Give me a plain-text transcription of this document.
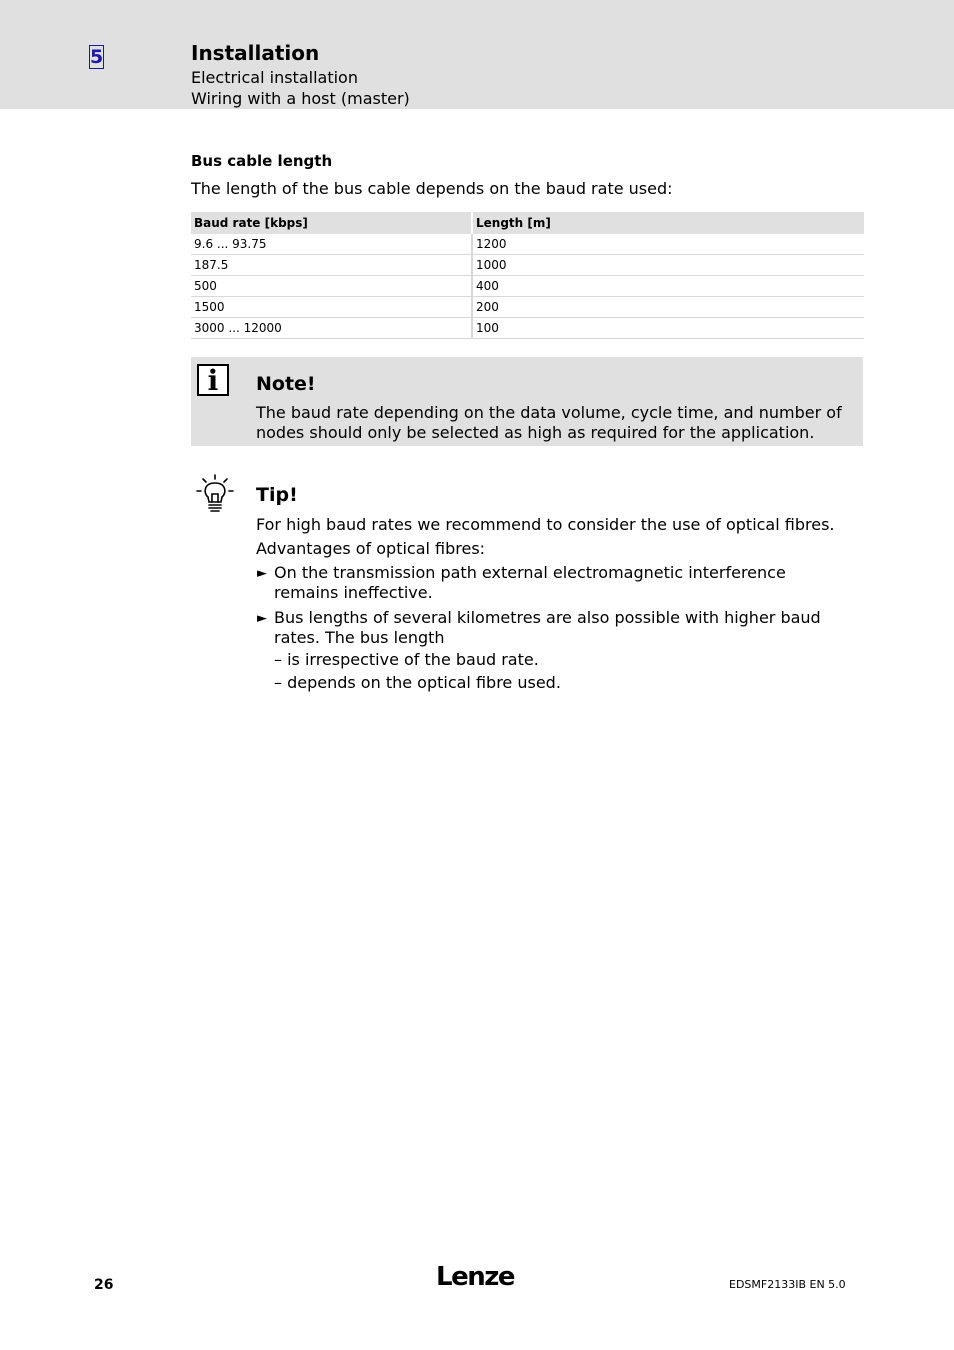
5	Installation
Electrical installation
Wiring with a host (master)
Bus cable length
The length of the bus cable depends on the baud rate used:
Baud rate [kbps]	Length [m]
9.6 ... 93.75	1200
187.5	1000
500	400
1500	200
3000 ... 12000	100
i	Note!
The baud rate depending on the data volume, cycle time, and number of nodes should only be selected as high as required for the application.
Tip!
For high baud rates we recommend to consider the use of optical fibres.
Advantages of optical fibres:
► On the transmission path external electromagnetic interference remains ineffective.
► Bus lengths of several kilometres are also possible with higher baud rates. The bus length
– is irrespective of the baud rate.
– depends on the optical fibre used.
26	Lenze	EDSMF2133IB EN 5.0
